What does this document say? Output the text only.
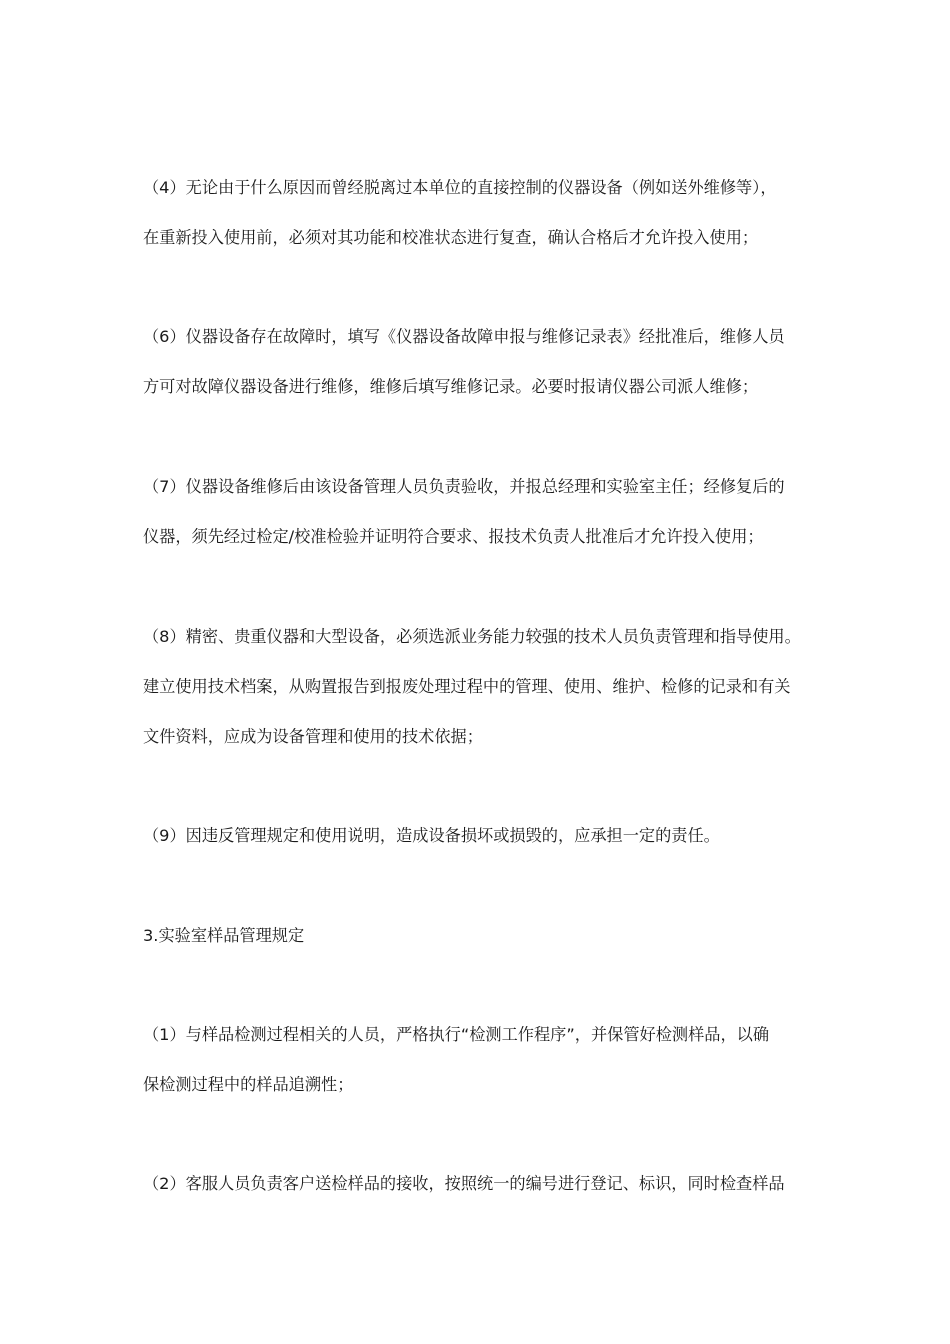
（4）无论由于什么原因而曾经脱离过本单位的直接控制的仪器设备（例如送外维修等），
在重新投入使用前，必须对其功能和校准状态进行复查，确认合格后才允许投入使用；
（6）仪器设备存在故障时，填写《仪器设备故障申报与维修记录表》经批准后，维修人员
方可对故障仪器设备进行维修，维修后填写维修记录。必要时报请仪器公司派人维修；
（7）仪器设备维修后由该设备管理人员负责验收，并报总经理和实验室主任；经修复后的
仪器，须先经过检定/校准检验并证明符合要求、报技术负责人批准后才允许投入使用；
（8）精密、贵重仪器和大型设备，必须选派业务能力较强的技术人员负责管理和指导使用。
建立使用技术档案，从购置报告到报废处理过程中的管理、使用、维护、检修的记录和有关
文件资料，应成为设备管理和使用的技术依据；
（9）因违反管理规定和使用说明，造成设备损坏或损毁的，应承担一定的责任。
3.实验室样品管理规定
（1）与样品检测过程相关的人员，严格执行“检测工作程序”，并保管好检测样品，以确
保检测过程中的样品追溯性；
（2）客服人员负责客户送检样品的接收，按照统一的编号进行登记、标识，同时检查样品
